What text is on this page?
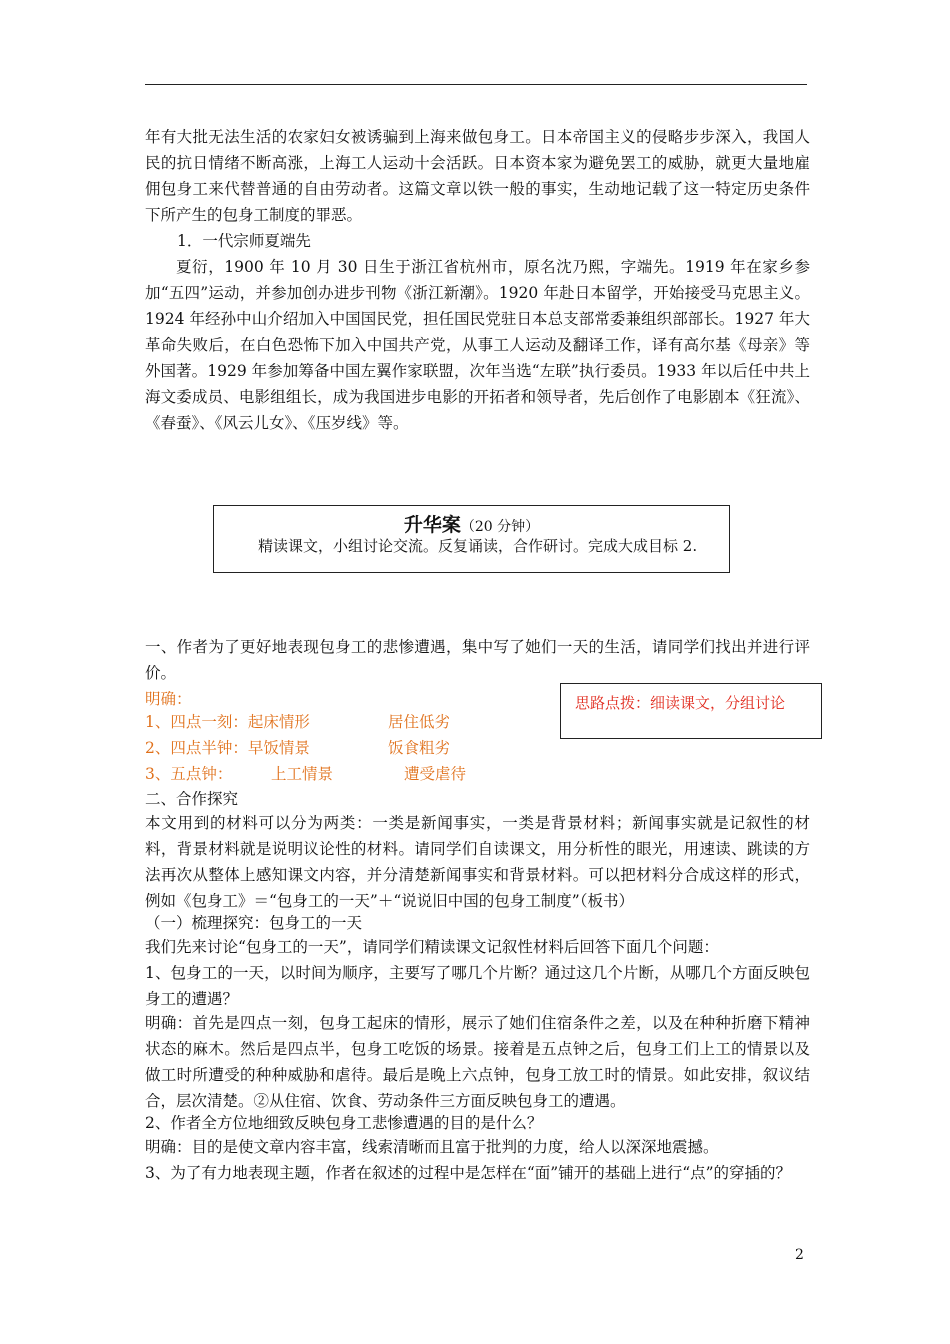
年有大批无法生活的农家妇女被诱骗到上海来做包身工。日本帝国主义的侵略步步深入，我国人民的抗日情绪不断高涨，上海工人运动十会活跃。日本资本家为避免罢工的威胁，就更大量地雇佣包身工来代替普通的自由劳动者。这篇文章以铁一般的事实，生动地记载了这一特定历史条件下所产生的包身工制度的罪恶。

1．一代宗师夏端先

夏衍，1900 年 10 月 30 日生于浙江省杭州市，原名沈乃熙，字端先。1919 年在家乡参加“五四”运动，并参加创办进步刊物《浙江新潮》。1920 年赴日本留学，开始接受马克思主义。1924 年经孙中山介绍加入中国国民党，担任国民党驻日本总支部常委兼组织部部长。1927 年大革命失败后，在白色恐怖下加入中国共产党，从事工人运动及翻译工作，译有高尔基《母亲》等外国著。1929 年参加筹备中国左翼作家联盟，次年当选“左联”执行委员。1933 年以后任中共上海文委成员、电影组组长，成为我国进步电影的开拓者和领导者，先后创作了电影剧本《狂流》、《春蚕》、《风云儿女》、《压岁线》等。

升华案（20 分钟）
精读课文，小组讨论交流。反复诵读，合作研讨。完成大成目标 2.

一、作者为了更好地表现包身工的悲惨遭遇，集中写了她们一天的生活，请同学们找出并进行评价。

明确：	思路点拨：细读课文，分组讨论
1、四点一刻：起床情形	居住低劣
2、四点半钟：早饭情景	饭食粗劣
3、五点钟： 上工情景	遭受虐待

二、合作探究

本文用到的材料可以分为两类：一类是新闻事实，一类是背景材料；新闻事实就是记叙性的材料，背景材料就是说明议论性的材料。请同学们自读课文，用分析性的眼光，用速读、跳读的方法再次从整体上感知课文内容，并分清楚新闻事实和背景材料。可以把材料分合成这样的形式，例如《包身工》＝“包身工的一天”＋“说说旧中国的包身工制度”（板书）

（一）梳理探究：包身工的一天

我们先来讨论“包身工的一天”，请同学们精读课文记叙性材料后回答下面几个问题：

1、包身工的一天，以时间为顺序，主要写了哪几个片断？通过这几个片断，从哪几个方面反映包身工的遭遇？

明确：首先是四点一刻，包身工起床的情形，展示了她们住宿条件之差，以及在种种折磨下精神状态的麻木。然后是四点半，包身工吃饭的场景。接着是五点钟之后，包身工们上工的情景以及做工时所遭受的种种威胁和虐待。最后是晚上六点钟，包身工放工时的情景。如此安排，叙议结合，层次清楚。②从住宿、饮食、劳动条件三方面反映包身工的遭遇。

2、作者全方位地细致反映包身工悲惨遭遇的目的是什么？

明确：目的是使文章内容丰富，线索清晰而且富于批判的力度，给人以深深地震撼。

3、为了有力地表现主题，作者在叙述的过程中是怎样在“面”铺开的基础上进行“点”的穿插的？

2
